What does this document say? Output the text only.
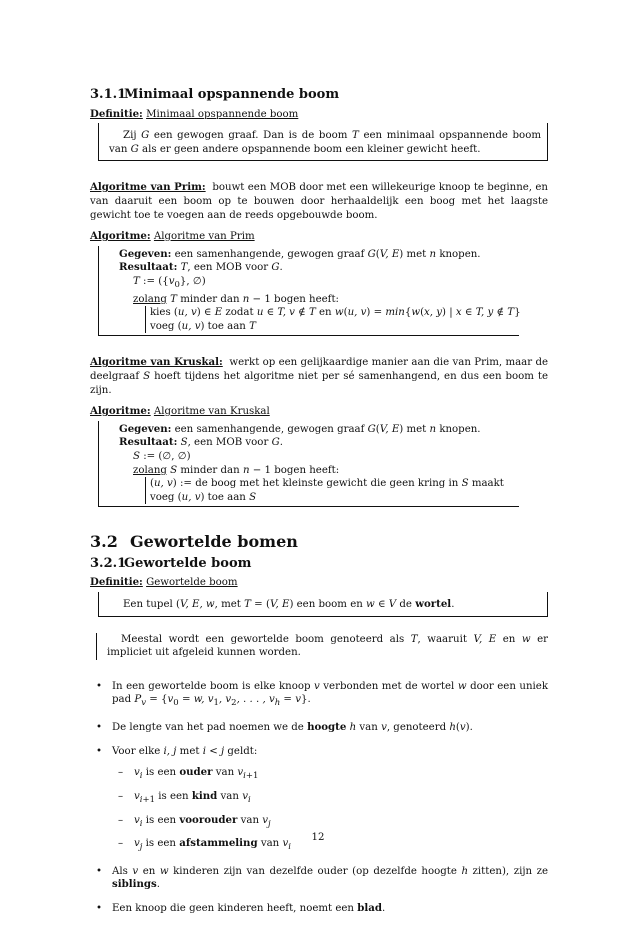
3.1.1Minimaal opspannende boom
Definitie: Minimaal opspannende boom

Zij G een gewogen graaf. Dan is de boom T een minimaal opspannende boom van G als er geen andere opspannende boom een kleiner gewicht heeft.

Algoritme van Prim:  bouwt een MOB door met een willekeurige knoop te beginne, en van daaruit een boom op te bouwen door herhaaldelijk een boog met het laagste gewicht toe te voegen aan de reeds opgebouwde boom.

Algoritme: Algoritme van Prim
Gegeven: een samenhangende, gewogen graaf G(V, E) met n knopen.
Resultaat: T, een MOB voor G.
T := ($\{v_0\}$, ∅)
zolang T minder dan n − 1 bogen heeft:
kies (u, v) ∈ E zodat u ∈ T, v ∉ T en w(u, v) = min{w(x, y) | x ∈ T, y ∉ T}
voeg (u, v) toe aan T

Algoritme van Kruskal:  werkt op een gelijkaardige manier aan die van Prim, maar de deelgraaf S hoeft tijdens het algoritme niet per sé samenhangend, en dus een boom te zijn.

Algoritme: Algoritme van Kruskal
Gegeven: een samenhangende, gewogen graaf G(V, E) met n knopen.
Resultaat: S, een MOB voor G.
S := (∅, ∅)
zolang S minder dan n − 1 bogen heeft:
(u, v) := de boog met het kleinste gewicht die geen kring in S maakt
voeg (u, v) toe aan S
3.2 Gewortelde bomen
3.2.1Gewortelde boom
Definitie: Gewortelde boom

Een tupel (V, E, w, met T = (V, E) een boom en w ∈ V de wortel.

Meestal wordt een gewortelde boom genoteerd als T, waaruit V, E en w er impliciet uit afgeleid kunnen worden.

• In een gewortelde boom is elke knoop v verbonden met de wortel w door een uniek pad $P_v = \{v_0 = w$, $v_1$, $v_2$, . . . , $v_h = v$}.
• De lengte van het pad noemen we de hoogte h van v, genoteerd h(v).
• Voor elke i, j met i < j geldt:
– $v_i$ is een ouder van $v_{i+1}$
– $v_{i+1}$ is een kind van $v_i$
– $v_i$ is een voorouder van $v_j$
– $v_j$ is een afstammeling van $v_i$
• Als v en w kinderen zijn van dezelfde ouder (op dezelfde hoogte h zitten), zijn ze siblings.
• Een knoop die geen kinderen heeft, noemt een blad.
12
